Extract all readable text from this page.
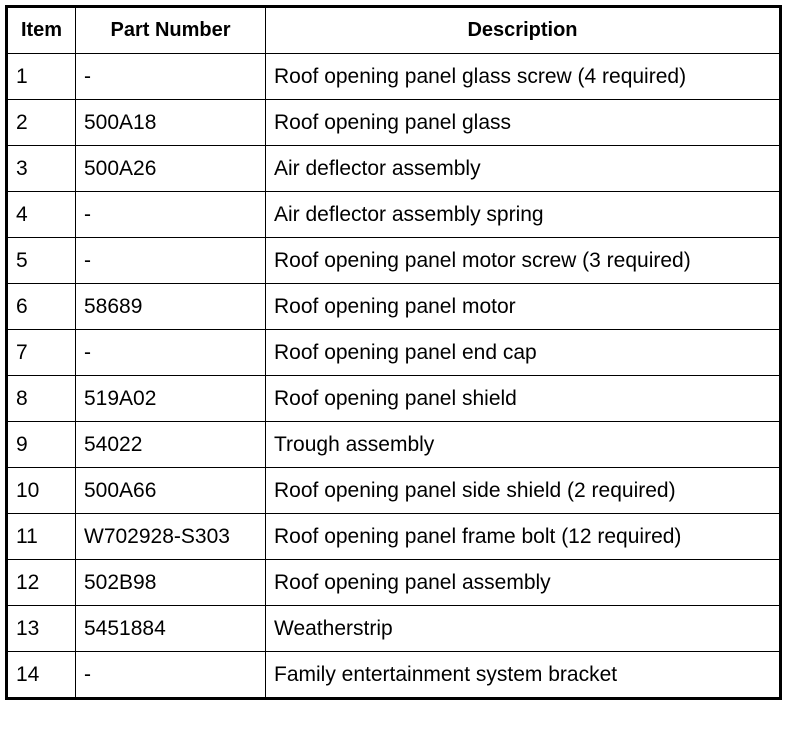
Item	Part Number	Description
1	-	Roof opening panel glass screw (4 required)
2	500A18	Roof opening panel glass
3	500A26	Air deflector assembly
4	-	Air deflector assembly spring
5	-	Roof opening panel motor screw (3 required)
6	58689	Roof opening panel motor
7	-	Roof opening panel end cap
8	519A02	Roof opening panel shield
9	54022	Trough assembly
10	500A66	Roof opening panel side shield (2 required)
11	W702928-S303	Roof opening panel frame bolt (12 required)
12	502B98	Roof opening panel assembly
13	5451884	Weatherstrip
14	-	Family entertainment system bracket
